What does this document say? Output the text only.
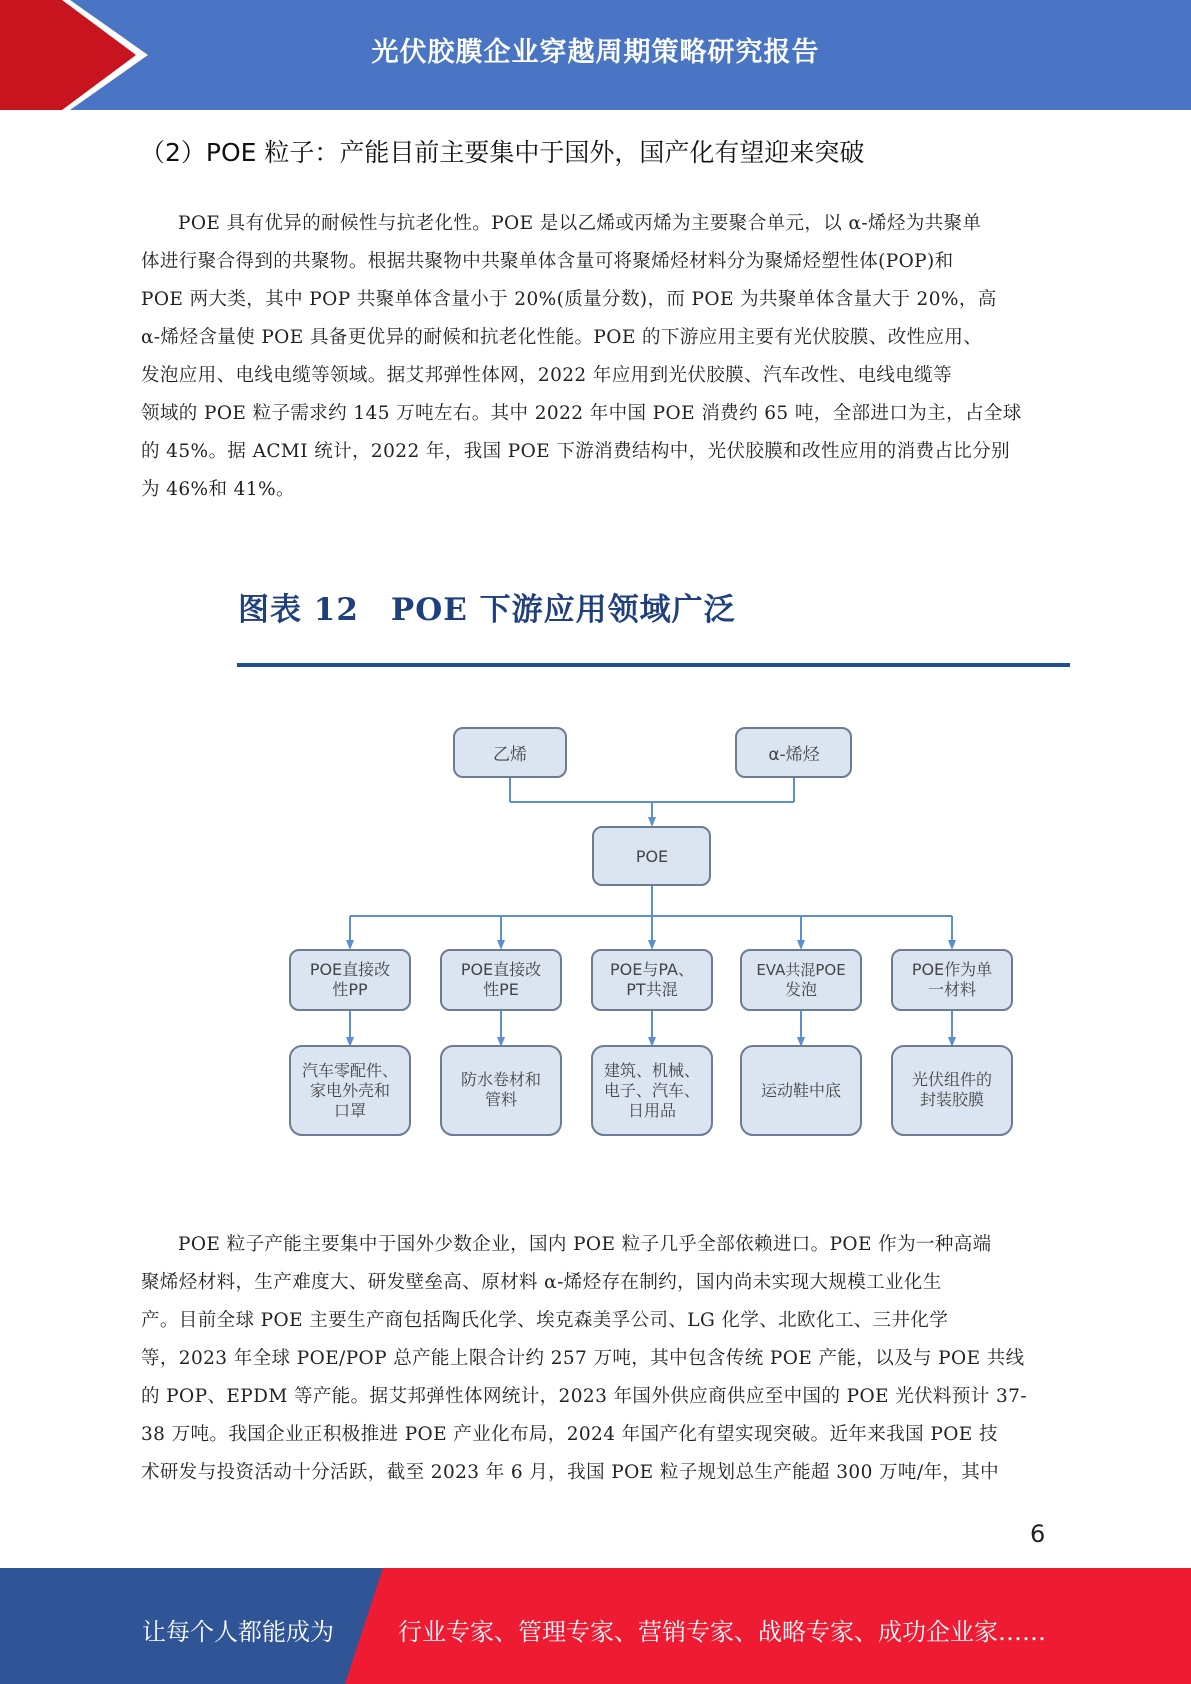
光伏胶膜企业穿越周期策略研究报告
（2）POE 粒子：产能目前主要集中于国外，国产化有望迎来突破
POE 具有优异的耐候性与抗老化性。POE 是以乙烯或丙烯为主要聚合单元，以 α-烯烃为共聚单
体进行聚合得到的共聚物。根据共聚物中共聚单体含量可将聚烯烃材料分为聚烯烃塑性体(POP)和
POE 两大类，其中 POP 共聚单体含量小于 20%(质量分数)，而 POE 为共聚单体含量大于 20%，高
α-烯烃含量使 POE 具备更优异的耐候和抗老化性能。POE 的下游应用主要有光伏胶膜、改性应用、
发泡应用、电线电缆等领域。据艾邦弹性体网，2022 年应用到光伏胶膜、汽车改性、电线电缆等
领域的 POE 粒子需求约 145 万吨左右。其中 2022 年中国 POE 消费约 65 吨，全部进口为主，占全球
的 45%。据 ACMI 统计，2022 年，我国 POE 下游消费结构中，光伏胶膜和改性应用的消费占比分别
为 46%和 41%。
图表 12　POE 下游应用领域广泛
乙烯	α-烯烃
POE
POE直接改
性PP
POE直接改
性PE
POE与PA、
PT共混
EVA共混POE
发泡
POE作为单
一材料
汽车零配件、
家电外壳和
口罩
防水卷材和
管料
建筑、机械、
电子、汽车、
日用品
运动鞋中底
光伏组件的
封装胶膜
POE 粒子产能主要集中于国外少数企业，国内 POE 粒子几乎全部依赖进口。POE 作为一种高端
聚烯烃材料，生产难度大、研发壁垒高、原材料 α-烯烃存在制约，国内尚未实现大规模工业化生
产。目前全球 POE 主要生产商包括陶氏化学、埃克森美孚公司、LG 化学、北欧化工、三井化学
等，2023 年全球 POE/POP 总产能上限合计约 257 万吨，其中包含传统 POE 产能，以及与 POE 共线
的 POP、EPDM 等产能。据艾邦弹性体网统计，2023 年国外供应商供应至中国的 POE 光伏料预计 37-
38 万吨。我国企业正积极推进 POE 产业化布局，2024 年国产化有望实现突破。近年来我国 POE 技
术研发与投资活动十分活跃，截至 2023 年 6 月，我国 POE 粒子规划总生产能超 300 万吨/年，其中
6
让每个人都能成为	行业专家、管理专家、营销专家、战略专家、成功企业家……
